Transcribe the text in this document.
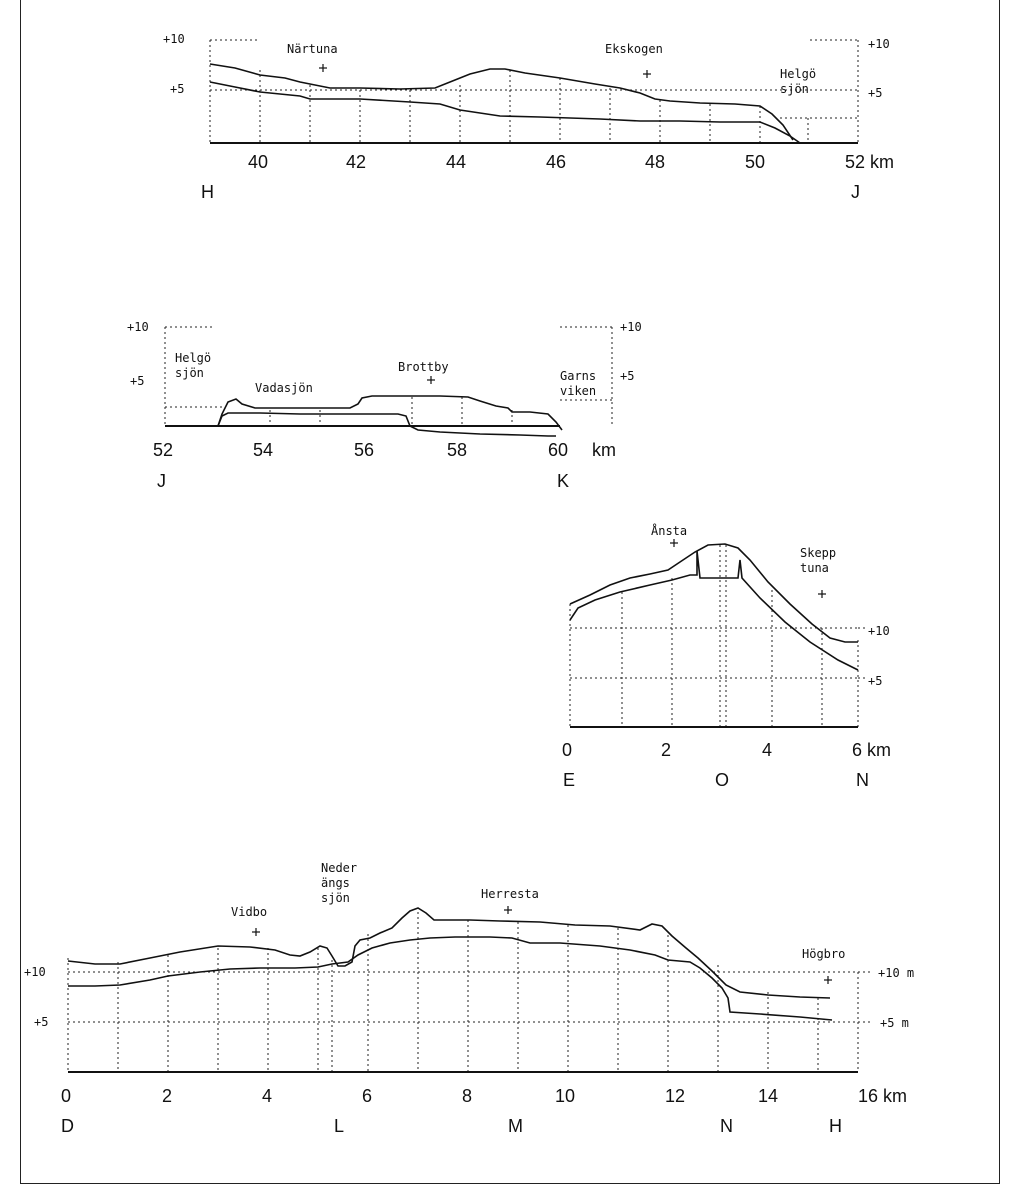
+10
+5
+10
+5
40	42	44	46	48	50	52 km
H	J
Närtuna	Ekskogen
Helgö sjön
+10
+5
+10
+5
52	54	56	58	60 km
J	K
Helgö sjön
Vadasjön
Brottby
Garns viken
+10
+5
0	2	4	6 km
E	O	N
Ånsta
Skepp tuna
+10
+5
+10 m
+5 m
0	2	4	6	8	10	12	14	16 km
D	L	M	N	H
Vidbo
Neder ängs sjön	Herresta
Högbro
